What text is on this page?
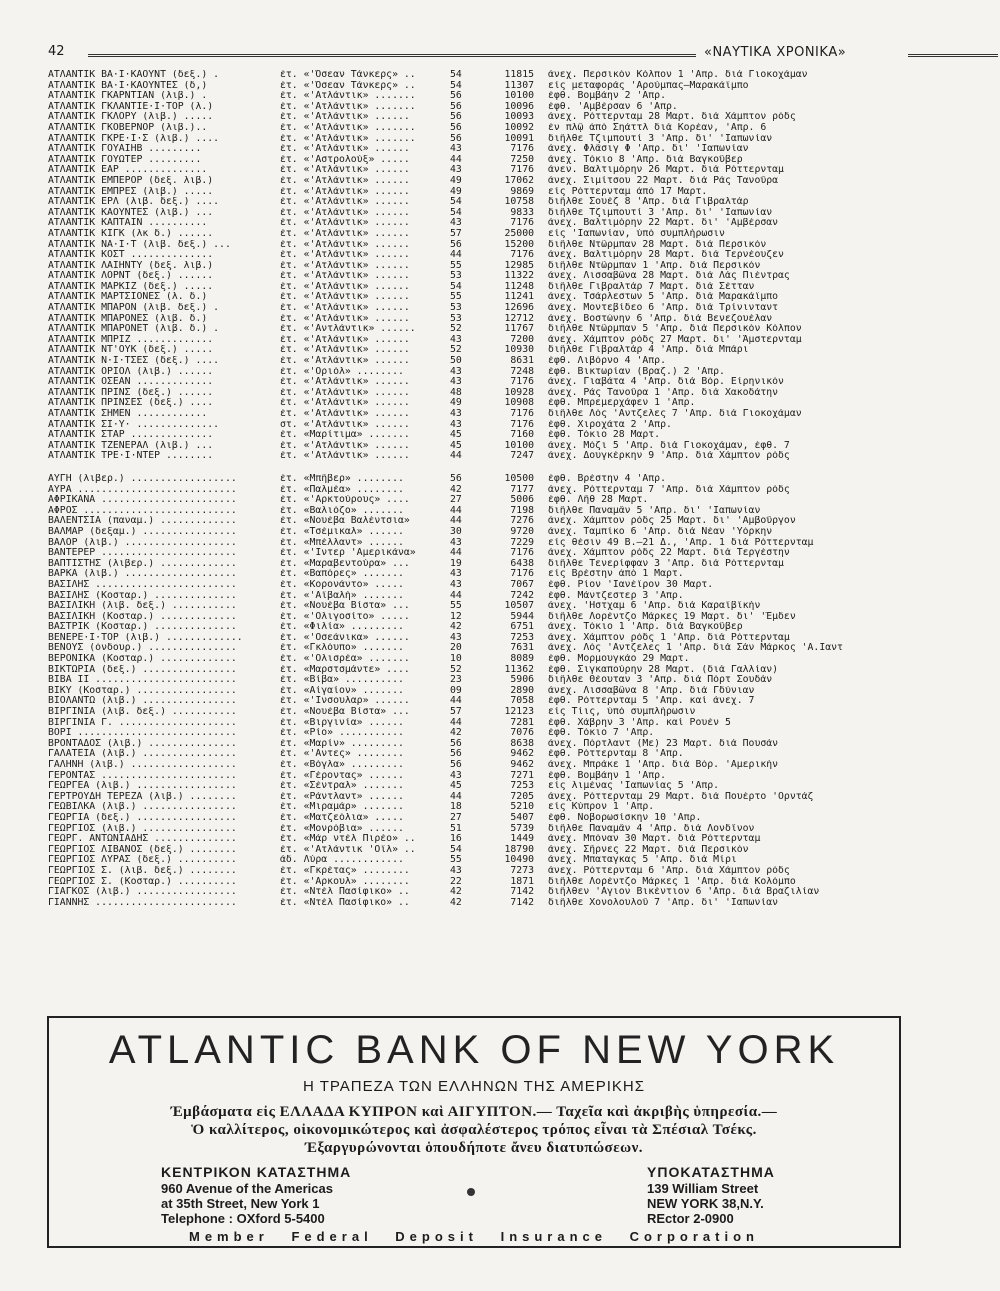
42	«ΝΑΥΤΙΚΑ ΧΡΟΝΙΚΑ»
ΑΤΛΑΝΤΙΚ ΒΑ·Ι·ΚΑΟΥΝΤ (δεξ.) .	έτ. «'Όσεαν Τάνκερς» ..	54	11815 άνεχ. Περσικὸν Κόλπον 1 'Απρ. διὰ Γιοκοχάμαν
ΑΤΛΑΝΤΙΚ ΒΑ·Ι·ΚΑΟΥΝΤΕΣ (δ,)	έτ. «'Όσεαν Τάνκερς» ..	54	11307 είς μεταφοράς 'Αρούμπας—Μαρακάϊμπο
ΑΤΛΑΝΤΙΚ ΓΚΑΡΝΤΙΑΝ (λιβ.) .	έτ. «'Ατλάντικ» .......	56	10100 έφθ. Βομβάην 2 'Απρ.
ΑΤΛΑΝΤΙΚ ΓΚΛΑΝΤΙΕ·Ι·ΤΟΡ (λ.)	έτ. «'Ατλάντικ» .......	56	10096 έφθ. 'Αμβέρσαν 6 'Απρ.
ΑΤΛΑΝΤΙΚ ΓΚΛΟΡΥ (λιβ.) .....	έτ. «'Ατλάντικ» ......	56	10093 άνεχ. Ρόττερνταμ 28 Μαρτ. διὰ Χάμπτον ρόδς
ΑΤΛΑΝΤΙΚ ΓΚΟΒΕΡΝΟΡ (λιβ.)..	έτ. «'Ατλάντικ» .......	56	10092 έν πλῷ ἀπὸ Σηάττλ διὰ Κορέαν, 'Απρ. 6
ΑΤΛΑΝΤΙΚ ΓΚΡΕ·Ι·Σ (λιβ.) ....	έτ. «'Ατλάντικ» .......	56	10091 διῆλθε Τζιμπουτί 3 'Απρ. δι' 'Ιαπωνίαν
ΑΤΛΑΝΤΙΚ ΓΟΥΑΙΗΒ .........	έτ. «'Ατλάντικ» ......	43	7176 άνεχ. Φλᾶσιγ Φ 'Απρ. δι' 'Ιαπωνίαν
ΑΤΛΑΝΤΙΚ ΓΟΥΩΤΕΡ .........	έτ. «'Αστρολούξ» .....	44	7250 άνεχ. Τόκιο 8 'Απρ. διὰ Βαγκοῦβερ
ΑΤΛΑΝΤΙΚ ΕΑΡ ..............	έτ. «'Ατλάντικ» ......	43	7176 άνεν. Βαλτιμόρην 26 Μαρτ. διὰ Ρόττερνταμ
ΑΤΛΑΝΤΙΚ ΕΜΠΕΡΟΡ (δεξ. λιβ.)	έτ. «'Ατλάντικ» ......	49	17062 άνεχ. Σιμίτσου 22 Μαρτ. διὰ Ράς Τανοῦρα
ΑΤΛΑΝΤΙΚ ΕΜΠΡΕΣ (λιβ.) .....	έτ. «'Ατλάντικ» ......	49	9869 είς Ρόττερνταμ ἀπὸ 17 Μαρτ.
ΑΤΛΑΝΤΙΚ ΕΡΛ (λιβ. δεξ.) ....	έτ. «'Ατλάντικ» ......	54	10758 διῆλθε Σουέζ 8 'Απρ. διὰ Γιβραλτὰρ
ΑΤΛΑΝΤΙΚ ΚΑΟΥΝΤΕΣ (λιβ.) ...	έτ. «'Ατλάντικ» ......	54	9833 διῆλθε Τζιμπουτί 3 'Απρ. δι' 'Ιαπωνίαν
ΑΤΛΑΝΤΙΚ ΚΑΠΤΑΙΝ ..........	έτ. «'Ατλάντικ» ......	43	7176 άνεχ. Βαλτιμόρην 22 Μαρτ. δι' 'Αμβέρσαν
ΑΤΛΑΝΤΙΚ ΚΙΓΚ (λκ δ.) ......	έτ. «'Ατλάντικ» ......	57	25000 είς 'Ιαπωνίαν, ὑπὸ συμπλήρωσιν
ΑΤΛΑΝΤΙΚ ΝΑ·Ι·Τ (λιβ. δεξ.) ...	έτ. «'Ατλάντικ» ......	56	15200 διῆλθε Ντῶρμπαν 28 Μαρτ. διὰ Περσικὸν
ΑΤΛΑΝΤΙΚ ΚΟΣΤ ..............	έτ. «'Ατλάντικ» ......	44	7176 άνεχ. Βαλτιμόρην 28 Μαρτ. διὰ Τερνέουζεν
ΑΤΛΑΝΤΙΚ ΛΑΙΗΝΤΥ (δεξ. λιβ.)	έτ. «'Ατλάντικ» ......	55	12985 διῆλθε Ντῶρμπαν 1 'Απρ. διὰ Περσικὸν
ΑΤΛΑΝΤΙΚ ΛΟΡΝΤ (δεξ.) ......	έτ. «'Ατλάντικ» ......	53	11322 άνεχ. Λισσαβῶνα 28 Μαρτ. διὰ Λὰς Πιέντρας
ΑΤΛΑΝΤΙΚ ΜΑΡΚΙΖ (δεξ.) .....	έτ. «'Ατλάντικ» ......	54	11248 διῆλθε Γιβραλτὰρ 7 Μαρτ. διὰ Σέτταν
ΑΤΛΑΝΤΙΚ ΜΑΡΤΣΙΟΝΕΣ (λ. δ.)	έτ. «'Ατλάντικ» ......	55	11241 άνεχ. Τσάρλεστων 5 'Απρ. διὰ Μαρακάϊμπο
ΑΤΛΑΝΤΙΚ ΜΠΑΡΟΝ (λιβ. δεξ.) .	έτ. «'Ατλάντικ» ......	53	12696 άνεχ. Μοντεβίδεο 6 'Απρ. διὰ Τρίνινταντ
ΑΤΛΑΝΤΙΚ ΜΠΑΡΟΝΕΣ (λιβ. δ.)	έτ. «'Ατλάντικ» ......	53	12712 άνεχ. Βοστώνην 6 'Απρ. διὰ Βενεζουέλαν
ΑΤΛΑΝΤΙΚ ΜΠΑΡΟΝΕΤ (λιβ. δ.) .	έτ. «'Αντλάντικ» ......	52	11767 διῆλθε Ντῶρμπαν 5 'Απρ. διὰ Περσικὸν Κόλπον
ΑΤΛΑΝΤΙΚ ΜΠΡΙΖ .............	έτ. «'Ατλάντικ» ......	43	7200 άνεχ. Χάμπτον ρόδς 27 Μαρτ. δι' 'Άμστερνταμ
ΑΤΛΑΝΤΙΚ ΝΤ'ΟΥΚ (δεξ.) .....	έτ. «'Ατλάντικ» ......	52	10930 διῆλθε Γιβραλτὰρ 4 'Απρ. διὰ Μπάρι
ΑΤΛΑΝΤΙΚ Ν·Ι·ΤΣΕΣ (δεξ.) ....	έτ. «'Ατλάντικ» ......	50	8631 έφθ. Λιβόρνο 4 'Απρ.
ΑΤΛΑΝΤΙΚ ΟΡΙΟΛ (λιβ.) ......	έτ. «'Οριόλ» ........	43	7248 έφθ. Βικτωρίαν (Βραζ.) 2 'Απρ.
ΑΤΛΑΝΤΙΚ ΟΣΕΑΝ .............	έτ. «'Ατλάντικ» ......	43	7176 άνεχ. Γιαβάτα 4 'Απρ. διὰ Βόρ. Είρηνικὸν
ΑΤΛΑΝΤΙΚ ΠΡΙΝΣ (δεξ.) ......	έτ. «'Ατλάντικ» ......	48	10928 άνεχ. Ράς Τανοῦρα 1 'Απρ. διὰ Χακοδάτην
ΑΤΛΑΝΤΙΚ ΠΡΙΝΣΕΣ (δεξ.) ....	έτ. «'Ατλάντικ» ......	49	10908 έφθ. Μπρεμερχάφεν 1 'Απρ.
ΑΤΛΑΝΤΙΚ ΣΗΜΕΝ ............	έτ. «'Ατλάντικ» ......	43	7176 διῆλθε Λὸς 'Αντζελες 7 'Απρ. διὰ Γιοκοχάμαν
ΑΤΛΑΝΤΙΚ ΣΙ·Υ· ..............	στ. «'Ατλάντικ» ......	43	7176 έφθ. Χιροχάτα 2 'Απρ.
ΑΤΛΑΝΤΙΚ ΣΤΑΡ ..............	έτ. «Μαρίτιμα» .......	45	7160 έφθ. Τόκιο 28 Μαρτ.
ΑΤΛΑΝΤΙΚ ΤΖΕΝΕΡΑΛ (λιβ.) ...	έτ. «'Ατλάντικ» ......	45	10100 άνεχ. Μόζι 5 'Απρ. διὰ Γιοκοχάμαν, έφθ. 7
ΑΤΛΑΝΤΙΚ ΤΡΕ·Ι·ΝΤΕΡ ........	έτ. «'Ατλάντικ» ......	44	7247 άνεχ. Δουγκέρκην 9 'Απρ. διὰ Χάμπτον ρόδς
ΑΥΓΗ (λιβερ.) ..................	έτ. «Μπῆβερ» ........	56	10500 έφθ. Βρέστην 4 'Απρ.
ΑΥΡΑ ...........................	έτ. «Παλμέα» ........	42	7177 άνεχ. Ρόττερνταμ 7 'Απρ. διὰ Χάμπτον ρόδς
ΑΦΡΙΚΑΝΑ .......................	έτ. «'Αρκτούρους» ....	27	5006 έφθ. Λῆθ 28 Μαρτ.
ΑΦΡΟΣ ..........................	έτ. «Βαλιόζο» .......	44	7198 διῆλθε Παναμᾶν 5 'Απρ. δι' 'Ιαπωνίαν
ΒΑΛΕΝΤΣΙΑ (παναμ.) .............	έτ. «Νουέβα Βαλέντσια»	44	7276 άνεχ. Χάμπτον ρόδς 25 Μαρτ. δι' 'Αμβοῦργον
ΒΑΛΜΑΡ (δεξαμ.) ................	έτ. «Τσέμικαλ» ......	30	9720 άνεχ. Ταμπίκο 6 'Απρ. διὰ Νέαν 'Υόρκην
ΒΑΛΟΡ (λιβ.) ...................	έτ. «Μπέλλαντ» ......	43	7229 είς θέσιν 49 Β.—21 Δ., 'Απρ. 1 διὰ Ρόττερνταμ
ΒΑΝΤΕΡΕΡ .......................	έτ. «'Ιντερ 'Αμερικάνα»	44	7176 άνεχ. Χάμπτον ρόδς 22 Μαρτ. διὰ Τεργέστην
ΒΑΠΤΙΣΤΗΣ (λιβερ.) .............	έτ. «Μαραβεντούρα» ...	19	6438 διῆλθε Τενερίφφαν 3 'Απρ. διὰ Ρόττερνταμ
ΒΑΡΚΑ (λιβ.) ...................	έτ. «Βαπόρες» .......	43	7176 είς Βρέστην ἀπὸ 1 Μαρτ.
ΒΑΣΙΛΗΣ ........................	έτ. «Κορονάντο» .....	43	7067 έφθ. Ρίον 'Ιανέϊρον 30 Μαρτ.
ΒΑΣΙΛΗΣ (Κοσταρ.) ..............	έτ. «'Αϊβαλή» .......	44	7242 έφθ. Μάντζεστερ 3 'Απρ.
ΒΑΣΙΛΙΚΗ (λιβ. δεξ.) ...........	έτ. «Νουέβα Βίστα» ...	55	10507 άνεχ. 'Ηστχαμ 6 'Απρ. διὰ Καραϊβϊκήν
ΒΑΣΙΛΙΚΗ (Κοσταρ.) .............	έτ. «'Ολιγοσίτο» .....	12	5944 διῆλθε Λορέντζο Μάρκες 19 Μαρτ. δι' 'Έμδεν
ΒΑΣΤΡΙΚ (Κοσταρ.) ..............	έτ. «Φιλία» .........	42	6751 άνεχ. Τόκιο 1 'Απρ. διὰ Βαγκοῦβερ
ΒΕΝΕΡΕ·Ι·ΤΟΡ (λιβ.) .............	έτ. «'Οσεάνικα» ......	43	7253 άνεχ. Χάμπτον ρόδς 1 'Απρ. διὰ Ρόττερνταμ
ΒΕΝΟΥΣ (ὁνδουρ.) ...............	έτ. «Γκλόυπο» .......	20	7631 άνεχ. Λὸς 'Αντζελες 1 'Απρ. διὰ Σὰν Μάρκος 'Α.Ιαντ
ΒΕΡΟΝΙΚΑ (Κοσταρ.) .............	έτ. «'Ολισρέα» .......	10	8089 έφθ. Μορμουγκάο 29 Μαρτ.
ΒΙΚΤΩΡΙΑ (δεξ.) ................	έτ. «Μαρστσμάντε» ....	52	11362 έφθ. Σιγκαπούρην 28 Μαρτ. (διὰ Γαλλίαν)
ΒΙΒΑ ΙΙ ........................	έτ. «Βίβα» ..........	23	5906 διῆλθε Θέουταν 3 'Απρ. διὰ Πὸρτ Σουδὰν
ΒΙΚΥ (Κοσταρ.) .................	έτ. «Αίγαίον» .......	09	2890 άνεχ. Λισσαβῶνα 8 'Απρ. διὰ Γδύνιαν
ΒΙΟΛΑΝΤΩ (λιβ.) ................	έτ. «'Ινσουλαρ» ......	44	7058 έφθ. Ρόττερνταμ 5 'Απρ. καὶ άνεχ. 7
ΒΙΡΓΙΝΙΑ (λιβ. δεξ.) ...........	έτ. «Νουέβα Βίστα» ...	57	12123 είς Τίις, ὑπὸ συμπλήρωσιν
ΒΙΡΓΙΝΙΑ Γ. ....................	έτ. «Βιργινία» ......	44	7281 έφθ. Χάβρην 3 'Απρ. καὶ Ρουέν 5
ΒΟΡΙ ...........................	έτ. «Ρίο» ...........	42	7076 έφθ. Τόκιο 7 'Απρ.
ΒΡΟΝΤΑΔΟΣ (λιβ.) ...............	έτ. «Μαρίν» .........	56	8638 άνεχ. Πόρτλαντ (Με) 23 Μαρτ. διὰ Πουσάν
ΓΑΛΑΤΕΙΑ (λιβ.) ................	έτ. «'Αντες» ........	56	9462 έφθ. Ρόττερνταμ 8 'Απρ.
ΓΑΛΗΝΗ (λιβ.) ..................	έτ. «Βόγλα» .........	56	9462 άνεχ. Μπράκε 1 'Απρ. διὰ Βόρ. 'Αμερικὴν
ΓΕΡΟΝΤΑΣ .......................	έτ. «Γέροντας» ......	43	7271 έφθ. Βομβάην 1 'Απρ.
ΓΕΩΡΓΕΑ (λιβ.) .................	έτ. «Σέντραλ» .......	45	7253 είς λιμένας 'Ιαπωνίας 5 'Απρ.
ΓΕΡΤΡΟΥΔΗ ΤΕΡΕΖΑ (λιβ.) ........	έτ. «Ράντλαντ» ......	44	7205 άνεχ. Ρόττερνταμ 29 Μαρτ. διὰ Πουέρτο 'Ορντάζ
ΓΕΩΒΙΛΚΑ (λιβ.) ................	έτ. «Μιραμάρ» .......	18	5210 είς Κύπρον 1 'Απρ.
ΓΕΩΡΓΙΑ (δεξ.) .................	έτ. «Ματζεόλια» .....	27	5407 έφθ. Νοβορωσίσκην 10 'Απρ.
ΓΕΩΡΓΙΟΣ (λιβ.) ................	έτ. «Μονρόβια» ......	51	5739 διῆλθε Παναμᾶν 4 'Απρ. διὰ Λονδῖνον
ΓΕΩΡΓ. ΑΝΤΩΝΙΑΔΗΣ ..............	έτ. «Μάρ ντέλ Πιρέο» ..	16	1449 άνεχ. Μπόναν 30 Μαρτ. διὰ Ρόττερνταμ
ΓΕΩΡΓΙΟΣ ΛΙΒΑΝΟΣ (δεξ.) ........	έτ. «'Ατλάντικ 'Οϊλ» ..	54	18790 άνεχ. Σῆρνες 22 Μαρτ. διὰ Περσικὸν
ΓΕΩΡΓΙΟΣ ΛΥΡΑΣ (δεξ.) ..........	άδ. Λύρα ............	55	10490 άνεχ. Μπαταγκας 5 'Απρ. διὰ Μίρι
ΓΕΩΡΓΙΟΣ Σ. (λιβ. δεξ.) ........	έτ. «Γκρέτας» ........	43	7273 άνεχ. Ρόττερνταμ 6 'Απρ. διὰ Χάμπτον ρόδς
ΓΕΩΡΓΙΟΣ Σ. (Κοσταρ.) ..........	έτ. «'Αρκουλ» ........	22	1871 διῆλθε Λορέντζο Μάρκες 1 'Απρ. διὰ Κολόμπο
ΓΙΑΓΚΟΣ (λιβ.) .................	έτ. «Ντὲλ Πασίφικο» ..	42	7142 διῆλθεν 'Αγιον Βικέντιον 6 'Απρ. διὰ Βραζιλίαν
ΓΙΑΝΝΗΣ ........................	έτ. «Ντὲλ Πασίφικο» ..	42	7142 διῆλθε Χονολουλοῦ 7 'Απρ. δι' 'Ιαπωνίαν
ATLANTIC BANK OF NEW YORK
Η ΤΡΑΠΕΖΑ ΤΩΝ ΕΛΛΗΝΩΝ ΤΗΣ ΑΜΕΡΙΚΗΣ
Έμβάσματα εἰς ΕΛΛΑΔΑ ΚΥΠΡΟΝ καὶ ΑΙΓΥΠΤΟΝ.— Ταχεῖα καὶ ἀκριβὴς ὑπηρεσία.—
Ὁ καλλίτερος, οἰκονομικώτερος καὶ ἀσφαλέστερος τρόπος εἶναι τὰ Σπέσιαλ Τσέκς.
Έξαργυρώνονται ὁπουδήποτε ἄνευ διατυπώσεων.
ΚΕΝΤΡΙΚΟΝ ΚΑΤΑΣΤΗΜΑ
960 Avenue of the Americas
at 35th Street, New York 1
Telephone : OXford 5-5400
ΥΠΟΚΑΤΑΣΤΗΜΑ
139 William Street
NEW YORK 38,N.Y.
REctor 2-0900
Member Federal Deposit Insurance Corporation
